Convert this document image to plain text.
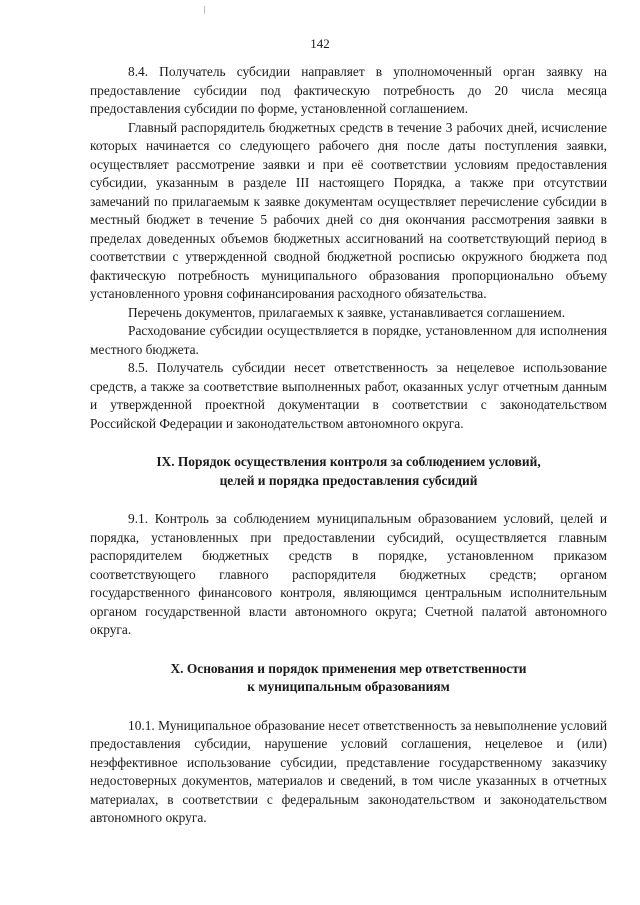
142

8.4. Получатель субсидии направляет в уполномоченный орган заявку на предоставление субсидии под фактическую потребность до 20 числа месяца предоставления субсидии по форме, установленной соглашением.

Главный распорядитель бюджетных средств в течение 3 рабочих дней, исчисление которых начинается со следующего рабочего дня после даты поступления заявки, осуществляет рассмотрение заявки и при её соответствии условиям предоставления субсидии, указанным в разделе III настоящего Порядка, а также при отсутствии замечаний по прилагаемым к заявке документам осуществляет перечисление субсидии в местный бюджет в течение 5 рабочих дней со дня окончания рассмотрения заявки в пределах доведенных объемов бюджетных ассигнований на соответствующий период в соответствии с утвержденной сводной бюджетной росписью окружного бюджета под фактическую потребность муниципального образования пропорционально объему установленного уровня софинансирования расходного обязательства.

Перечень документов, прилагаемых к заявке, устанавливается соглашением.

Расходование субсидии осуществляется в порядке, установленном для исполнения местного бюджета.

8.5. Получатель субсидии несет ответственность за нецелевое использование средств, а также за соответствие выполненных работ, оказанных услуг отчетным данным и утвержденной проектной документации в соответствии с законодательством Российской Федерации и законодательством автономного округа.

IX. Порядок осуществления контроля за соблюдением условий,
целей и порядка предоставления субсидий

9.1. Контроль за соблюдением муниципальным образованием условий, целей и порядка, установленных при предоставлении субсидий, осуществляется главным распорядителем бюджетных средств в порядке, установленном приказом соответствующего главного распорядителя бюджетных средств; органом государственного финансового контроля, являющимся центральным исполнительным органом государственной власти автономного округа; Счетной палатой автономного округа.

X. Основания и порядок применения мер ответственности
к муниципальным образованиям

10.1. Муниципальное образование несет ответственность за невыполнение условий предоставления субсидии, нарушение условий соглашения, нецелевое и (или) неэффективное использование субсидии, представление государственному заказчику недостоверных документов, материалов и сведений, в том числе указанных в отчетных материалах, в соответствии с федеральным законодательством и законодательством автономного округа.
